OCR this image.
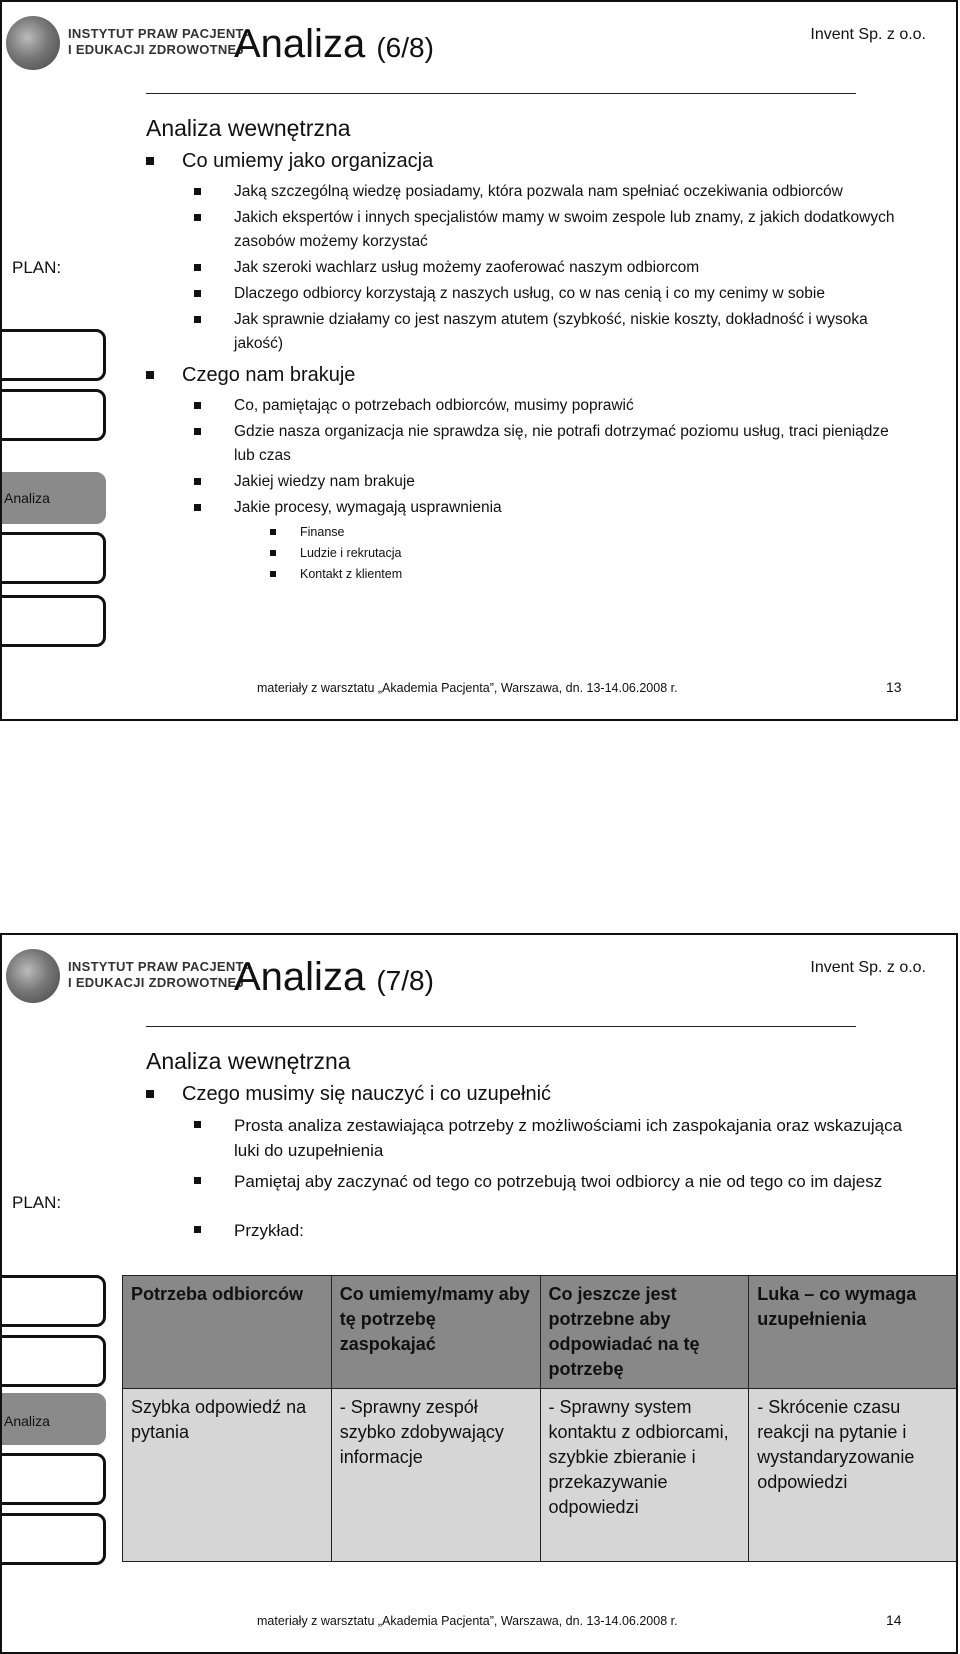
Analiza
INSTYTUT PRAW PACJENTA
I EDUKACJI ZDROWOTNEJ
Analiza (6/8)	Invent Sp. z o.o.
PLAN:
Analiza wewnętrzna
Co umiemy jako organizacja
Jaką szczególną wiedzę posiadamy, która pozwala nam spełniać oczekiwania odbiorców
Jakich ekspertów i innych specjalistów mamy w swoim zespole lub znamy, z jakich dodatkowych zasobów możemy korzystać
Jak szeroki wachlarz usług możemy zaoferować naszym odbiorcom
Dlaczego odbiorcy korzystają z naszych usług, co w nas cenią i co my cenimy w sobie
Jak sprawnie działamy co jest naszym atutem (szybkość, niskie koszty, dokładność i wysoka jakość)
Czego nam brakuje
Co, pamiętając o potrzebach odbiorców, musimy poprawić
Gdzie nasza organizacja nie sprawdza się, nie potrafi dotrzymać poziomu usług, traci pieniądze lub czas
Jakiej wiedzy nam brakuje
Jakie procesy, wymagają usprawnienia
Finanse
Ludzie i rekrutacja
Kontakt z klientem
materiały z warsztatu „Akademia Pacjenta”, Warszawa, dn. 13-14.06.2008 r.	13
Analiza
INSTYTUT PRAW PACJENTA
I EDUKACJI ZDROWOTNEJ
Analiza (7/8)	Invent Sp. z o.o.
PLAN:
Analiza wewnętrzna
Czego musimy się nauczyć i co uzupełnić
Prosta analiza zestawiająca potrzeby z możliwościami ich zaspokajania oraz wskazująca luki do uzupełnienia
Pamiętaj aby zaczynać od tego co potrzebują twoi odbiorcy a nie od tego co im dajesz
Przykład:
Potrzeba odbiorców	Co umiemy/mamy aby tę potrzebę zaspokajać	Co jeszcze jest potrzebne aby odpowiadać na tę potrzebę	Luka – co wymaga uzupełnienia
Szybka odpowiedź na pytania	- Sprawny zespół szybko zdobywający informacje	- Sprawny system kontaktu z odbiorcami, szybkie zbieranie i przekazywanie odpowiedzi	- Skrócenie czasu reakcji na pytanie i wystandaryzowanie odpowiedzi
materiały z warsztatu „Akademia Pacjenta”, Warszawa, dn. 13-14.06.2008 r.	14
